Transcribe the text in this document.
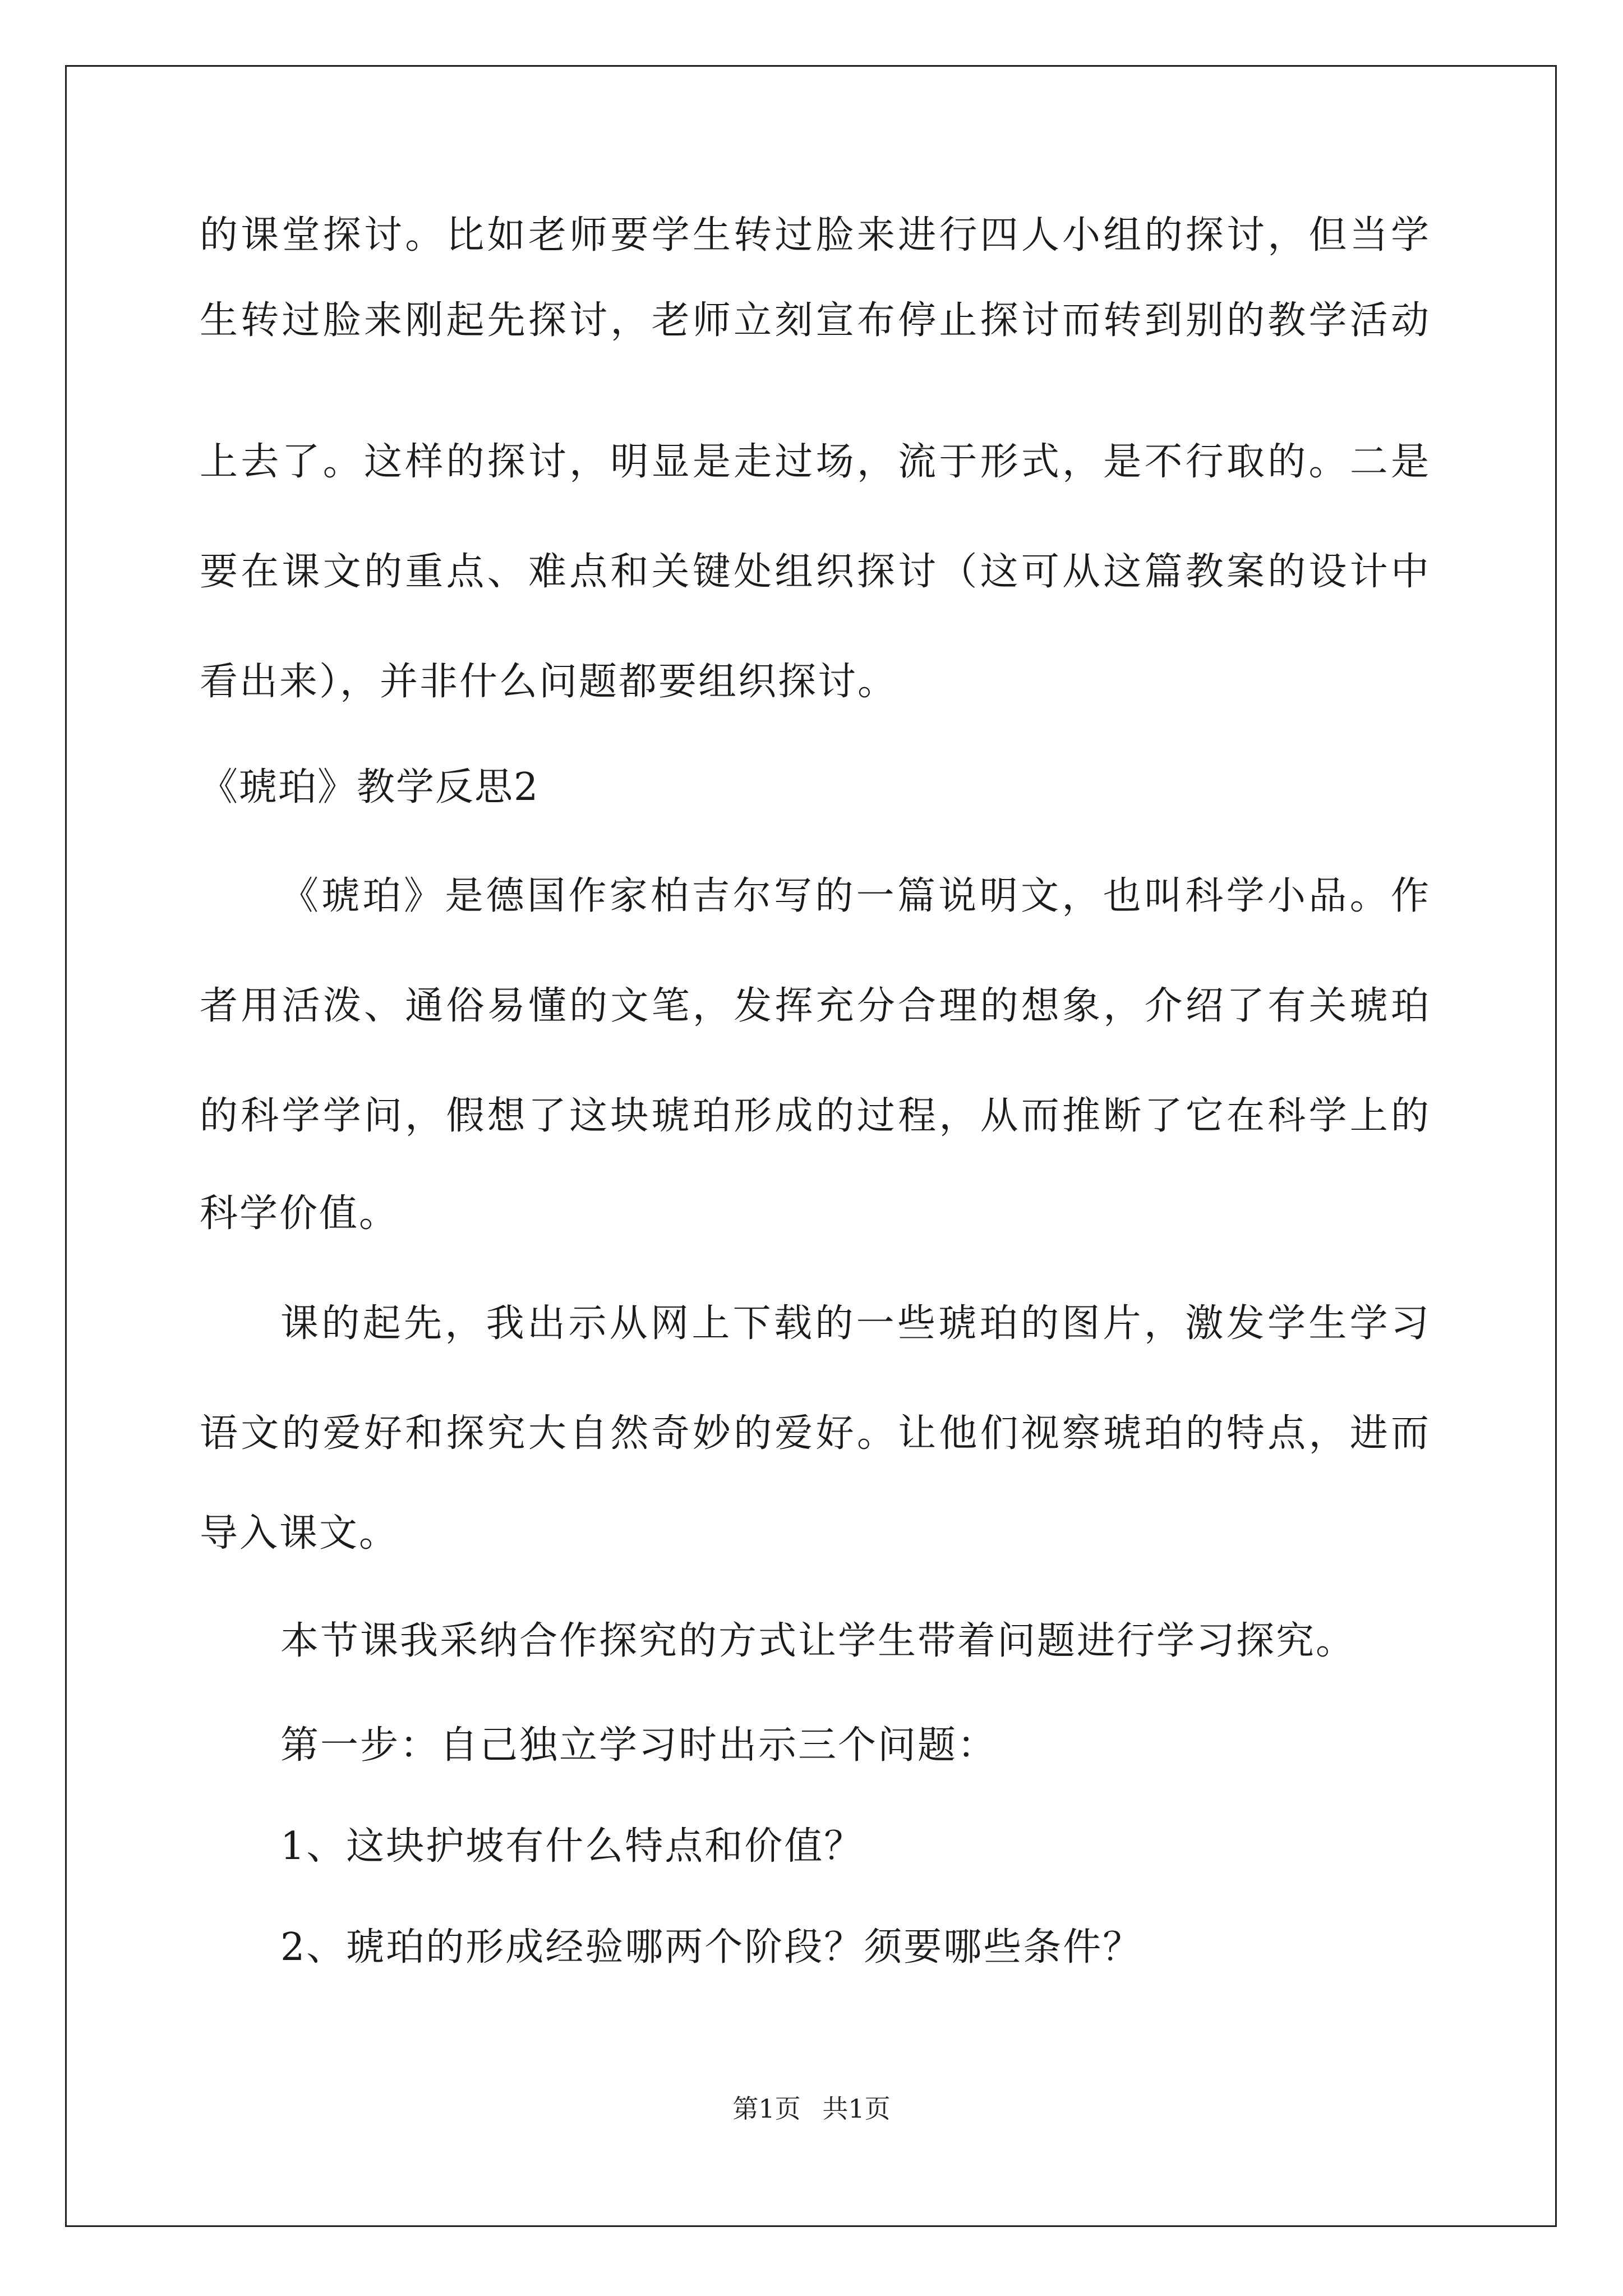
的课堂探讨。比如老师要学生转过脸来进行四人小组的探讨，但当学
生转过脸来刚起先探讨，老师立刻宣布停止探讨而转到别的教学活动
上去了。这样的探讨，明显是走过场，流于形式，是不行取的。二是
要在课文的重点、难点和关键处组织探讨（这可从这篇教案的设计中
看出来），并非什么问题都要组织探讨。
《琥珀》教学反思2
《琥珀》是德国作家柏吉尔写的一篇说明文，也叫科学小品。作
者用活泼、通俗易懂的文笔，发挥充分合理的想象，介绍了有关琥珀
的科学学问，假想了这块琥珀形成的过程，从而推断了它在科学上的
科学价值。
课的起先，我出示从网上下载的一些琥珀的图片，激发学生学习
语文的爱好和探究大自然奇妙的爱好。让他们视察琥珀的特点，进而
导入课文。
本节课我采纳合作探究的方式让学生带着问题进行学习探究。
第一步：自己独立学习时出示三个问题：
1、这块护坡有什么特点和价值？
2、琥珀的形成经验哪两个阶段？须要哪些条件？
第1页 共1页
